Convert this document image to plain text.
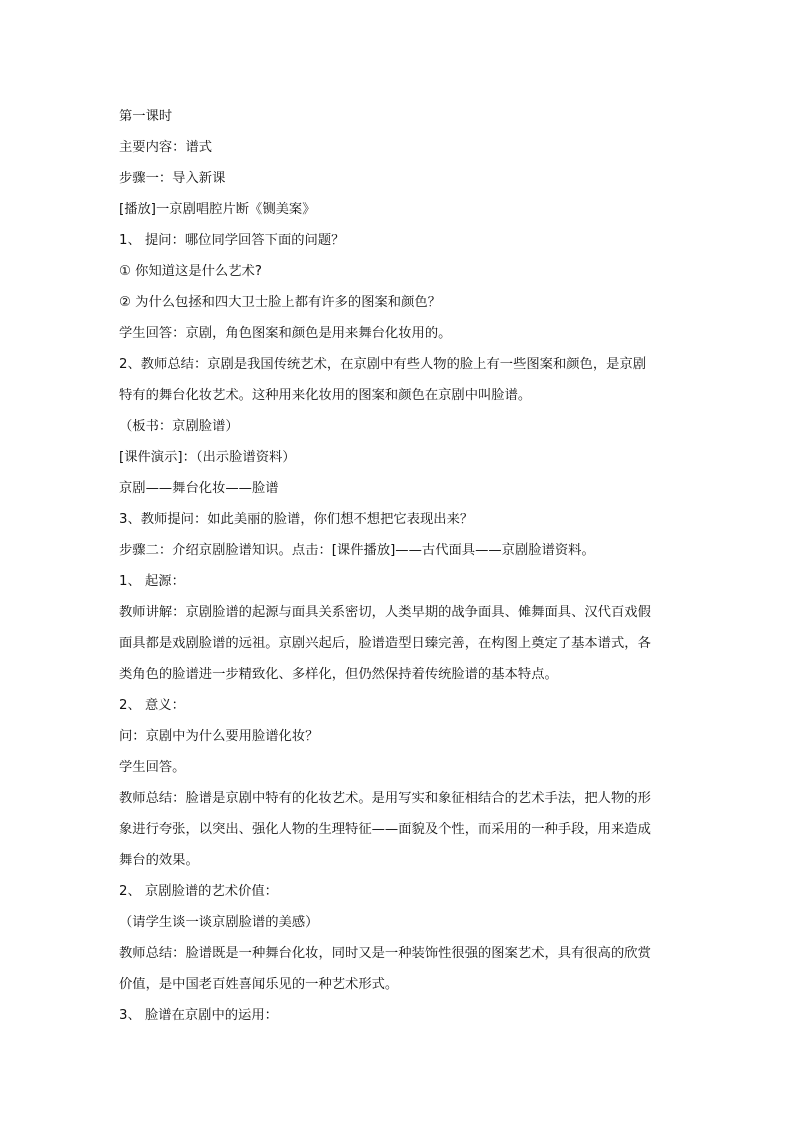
第一课时
主要内容：谱式
步骤一：导入新课
[播放]一京剧唱腔片断《铡美案》
1、 提问：哪位同学回答下面的问题？
① 你知道这是什么艺术?
② 为什么包拯和四大卫士脸上都有许多的图案和颜色？
学生回答：京剧，角色图案和颜色是用来舞台化妆用的。
2、教师总结：京剧是我国传统艺术，在京剧中有些人物的脸上有一些图案和颜色，是京剧
特有的舞台化妆艺术。这种用来化妆用的图案和颜色在京剧中叫脸谱。
（板书：京剧脸谱）
[课件演示]：（出示脸谱资料）
京剧——舞台化妆——脸谱
3、教师提问：如此美丽的脸谱，你们想不想把它表现出来？
步骤二：介绍京剧脸谱知识。点击：[课件播放]——古代面具——京剧脸谱资料。
1、 起源：
教师讲解：京剧脸谱的起源与面具关系密切，人类早期的战争面具、傩舞面具、汉代百戏假
面具都是戏剧脸谱的远祖。京剧兴起后，脸谱造型日臻完善，在构图上奠定了基本谱式，各
类角色的脸谱进一步精致化、多样化，但仍然保持着传统脸谱的基本特点。
2、 意义：
问：京剧中为什么要用脸谱化妆？
学生回答。
教师总结：脸谱是京剧中特有的化妆艺术。是用写实和象征相结合的艺术手法，把人物的形
象进行夸张，以突出、强化人物的生理特征——面貌及个性，而采用的一种手段，用来造成
舞台的效果。
2、 京剧脸谱的艺术价值：
（请学生谈一谈京剧脸谱的美感）
教师总结：脸谱既是一种舞台化妆，同时又是一种装饰性很强的图案艺术，具有很高的欣赏
价值，是中国老百姓喜闻乐见的一种艺术形式。
3、 脸谱在京剧中的运用：
